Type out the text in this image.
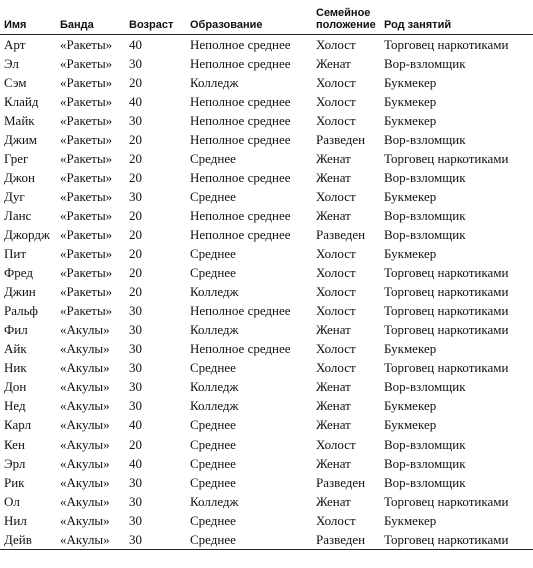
Имя	Банда	Возраст	Образование	Семейное
положение	Род занятий
Арт	«Ракеты»	40	Неполное среднее	Холост	Торговец наркотиками
Эл	«Ракеты»	30	Неполное среднее	Женат	Вор-взломщик
Сэм	«Ракеты»	20	Колледж	Холост	Букмекер
Клайд	«Ракеты»	40	Неполное среднее	Холост	Букмекер
Майк	«Ракеты»	30	Неполное среднее	Холост	Букмекер
Джим	«Ракеты»	20	Неполное среднее	Разведен	Вор-взломщик
Грег	«Ракеты»	20	Среднее	Женат	Торговец наркотиками
Джон	«Ракеты»	20	Неполное среднее	Женат	Вор-взломщик
Дуг	«Ракеты»	30	Среднее	Холост	Букмекер
Ланс	«Ракеты»	20	Неполное среднее	Женат	Вор-взломщик
Джордж	«Ракеты»	20	Неполное среднее	Разведен	Вор-взломщик
Пит	«Ракеты»	20	Среднее	Холост	Букмекер
Фред	«Ракеты»	20	Среднее	Холост	Торговец наркотиками
Джин	«Ракеты»	20	Колледж	Холост	Торговец наркотиками
Ральф	«Ракеты»	30	Неполное среднее	Холост	Торговец наркотиками
Фил	«Акулы»	30	Колледж	Женат	Торговец наркотиками
Айк	«Акулы»	30	Неполное среднее	Холост	Букмекер
Ник	«Акулы»	30	Среднее	Холост	Торговец наркотиками
Дон	«Акулы»	30	Колледж	Женат	Вор-взломщик
Нед	«Акулы»	30	Колледж	Женат	Букмекер
Карл	«Акулы»	40	Среднее	Женат	Букмекер
Кен	«Акулы»	20	Среднее	Холост	Вор-взломщик
Эрл	«Акулы»	40	Среднее	Женат	Вор-взломщик
Рик	«Акулы»	30	Среднее	Разведен	Вор-взломщик
Ол	«Акулы»	30	Колледж	Женат	Торговец наркотиками
Нил	«Акулы»	30	Среднее	Холост	Букмекер
Дейв	«Акулы»	30	Среднее	Разведен	Торговец наркотиками
